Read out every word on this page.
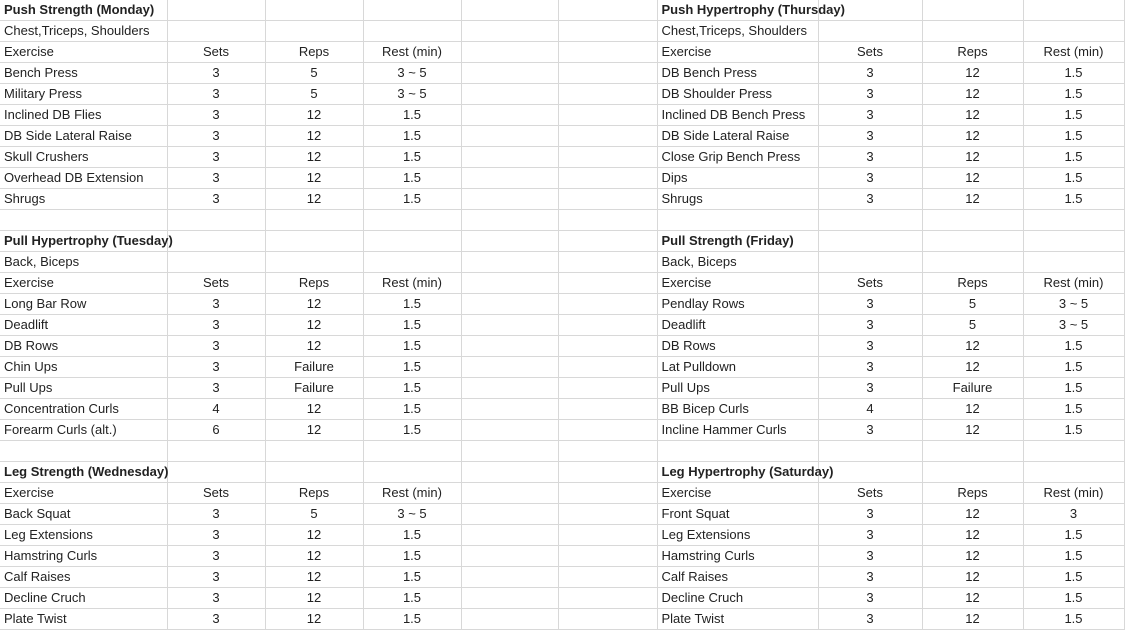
Push Strength (Monday)						Push Hypertrophy (Thursday)			
Chest,Triceps, Shoulders						Chest,Triceps, Shoulders			
Exercise	Sets	Reps	Rest (min)			Exercise	Sets	Reps	Rest (min)
Bench Press	3	5	3 ~ 5			DB Bench Press	3	12	1.5
Military Press	3	5	3 ~ 5			DB Shoulder Press	3	12	1.5
Inclined DB Flies	3	12	1.5			Inclined DB Bench Press	3	12	1.5
DB Side Lateral Raise	3	12	1.5			DB Side Lateral Raise	3	12	1.5
Skull Crushers	3	12	1.5			Close Grip Bench Press	3	12	1.5
Overhead DB Extension	3	12	1.5			Dips	3	12	1.5
Shrugs	3	12	1.5			Shrugs	3	12	1.5

Pull Hypertrophy (Tuesday)						Pull Strength (Friday)			
Back, Biceps						Back, Biceps			
Exercise	Sets	Reps	Rest (min)			Exercise	Sets	Reps	Rest (min)
Long Bar Row	3	12	1.5			Pendlay Rows	3	5	3 ~ 5
Deadlift	3	12	1.5			Deadlift	3	5	3 ~ 5
DB Rows	3	12	1.5			DB Rows	3	12	1.5
Chin Ups	3	Failure	1.5			Lat Pulldown	3	12	1.5
Pull Ups	3	Failure	1.5			Pull Ups	3	Failure	1.5
Concentration Curls	4	12	1.5			BB Bicep Curls	4	12	1.5
Forearm Curls (alt.)	6	12	1.5			Incline Hammer Curls	3	12	1.5

Leg Strength (Wednesday)						Leg Hypertrophy (Saturday)			
Exercise	Sets	Reps	Rest (min)			Exercise	Sets	Reps	Rest (min)
Back Squat	3	5	3 ~ 5			Front Squat	3	12	3
Leg Extensions	3	12	1.5			Leg Extensions	3	12	1.5
Hamstring Curls	3	12	1.5			Hamstring Curls	3	12	1.5
Calf Raises	3	12	1.5			Calf Raises	3	12	1.5
Decline Cruch	3	12	1.5			Decline Cruch	3	12	1.5
Plate Twist	3	12	1.5			Plate Twist	3	12	1.5
